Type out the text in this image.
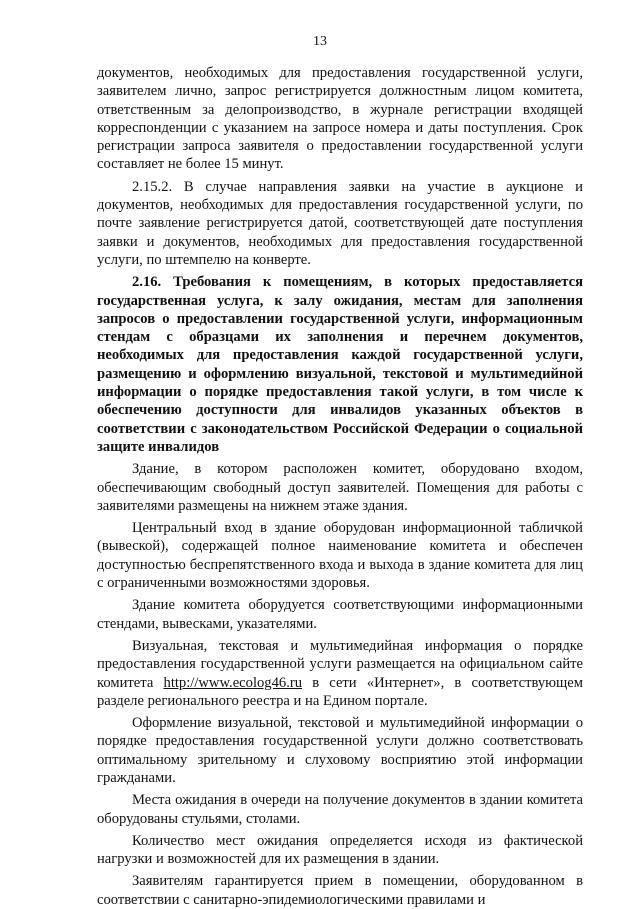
13

документов, необходимых для предоставления государственной услуги, заявителем лично, запрос регистрируется должностным лицом комитета, ответственным за делопроизводство, в журнале регистрации входящей корреспонденции с указанием на запросе номера и даты поступления. Срок регистрации запроса заявителя о предоставлении государственной услуги составляет не более 15 минут.

2.15.2. В случае направления заявки на участие в аукционе и документов, необходимых для предоставления государственной услуги, по почте заявление регистрируется датой, соответствующей дате поступления заявки и документов, необходимых для предоставления государственной услуги, по штемпелю на конверте.

2.16. Требования к помещениям, в которых предоставляется государственная услуга, к залу ожидания, местам для заполнения запросов о предоставлении государственной услуги, информационным стендам с образцами их заполнения и перечнем документов, необходимых для предоставления каждой государственной услуги, размещению и оформлению визуальной, текстовой и мультимедийной информации о порядке предоставления такой услуги, в том числе к обеспечению доступности для инвалидов указанных объектов в соответствии с законодательством Российской Федерации о социальной защите инвалидов

Здание, в котором расположен комитет, оборудовано входом, обеспечивающим свободный доступ заявителей. Помещения для работы с заявителями размещены на нижнем этаже здания.

Центральный вход в здание оборудован информационной табличкой (вывеской), содержащей полное наименование комитета и обеспечен доступностью беспрепятственного входа и выхода в здание комитета для лиц с ограниченными возможностями здоровья.

Здание комитета оборудуется соответствующими информационными стендами, вывесками, указателями.

Визуальная, текстовая и мультимедийная информация о порядке предоставления государственной услуги размещается на официальном сайте комитета http://www.ecolog46.ru в сети «Интернет», в соответствующем разделе регионального реестра и на Едином портале.

Оформление визуальной, текстовой и мультимедийной информации о порядке предоставления государственной услуги должно соответствовать оптимальному зрительному и слуховому восприятию этой информации гражданами.

Места ожидания в очереди на получение документов в здании комитета оборудованы стульями, столами.

Количество мест ожидания определяется исходя из фактической нагрузки и возможностей для их размещения в здании.

Заявителям гарантируется прием в помещении, оборудованном в соответствии с санитарно-эпидемиологическими правилами и
